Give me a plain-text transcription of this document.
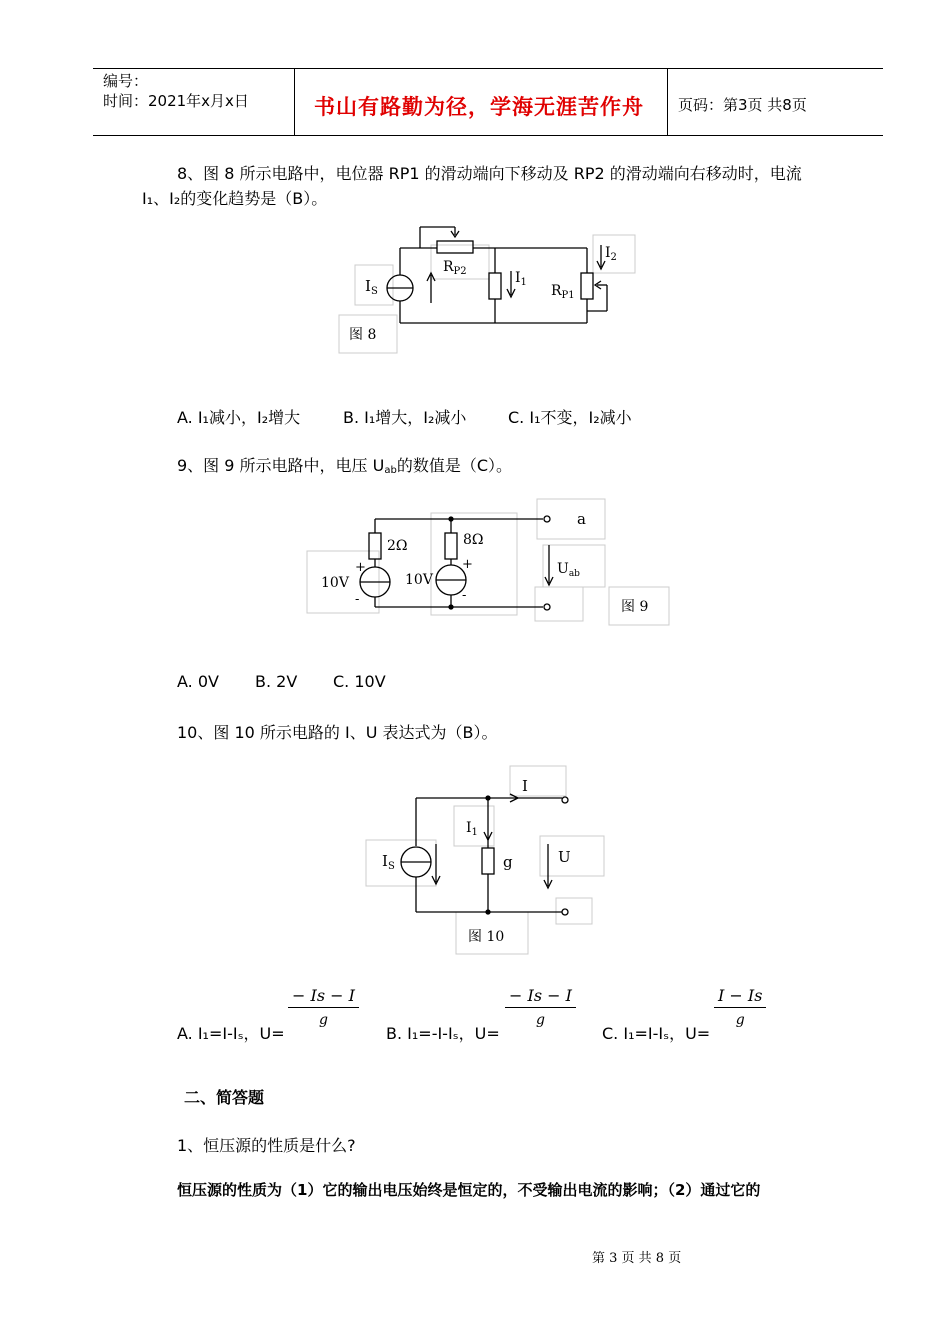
编号：
时间：2021年x月x日	书山有路勤为径，学海无涯苦作舟 页码：第3页 共8页
8、图 8 所示电路中，电位器 RP1 的滑动端向下移动及 RP2 的滑动端向右移动时，电流
I₁、I₂的变化趋势是（B）。
$I_S$
$R_{P2}$	$I_1$
$R_{P1}$
$I_2$
图 8
A. I₁减小，I₂增大	B. I₁增大，I₂减小	C. I₁不变，I₂减小
9、图 9 所示电路中，电压 $U_{ab}$的数值是（C）。
2Ω	8Ω
10V	10V
+
-
+
-
a
$U_{ab}$
图 9
A. 0V B. 2V C. 10V
10、图 10 所示电路的 I、U 表达式为（B）。
I
$I_1$
$I_S$	g	U
图 10
A. I₁=I-Iₛ，U=
$\frac{- Is - I}{g}$
B. I₁=-I-Iₛ，U=
$\frac{- Is - I}{g}$
C. I₁=I-Iₛ，U=
$\frac{I - Is}{g}$
二、简答题
1、恒压源的性质是什么?
恒压源的性质为（1）它的输出电压始终是恒定的，不受输出电流的影响；（2）通过它的
第 3 页 共 8 页
